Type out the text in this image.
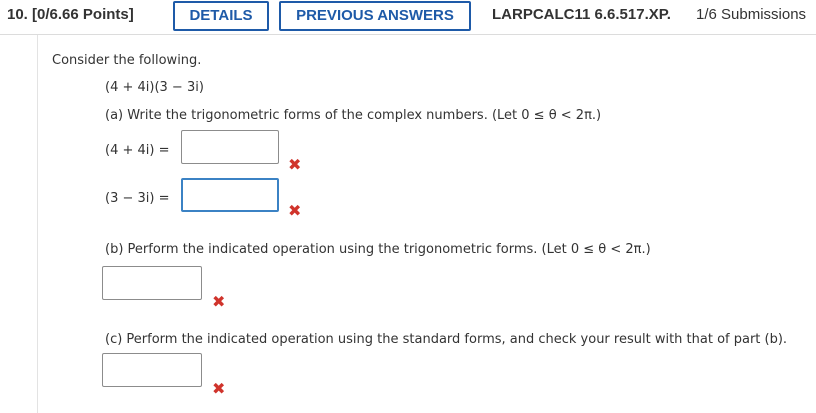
10. [0/6.66 Points]	DETAILS	PREVIOUS ANSWERS	LARPCALC11 6.6.517.XP. 1/6 Submissions
Consider the following.
(4 + 4i)(3 − 3i)
(a) Write the trigonometric forms of the complex numbers. (Let 0 ≤ θ < 2π.)
(4 + 4i) =
✖
(3 − 3i) =
✖
(b) Perform the indicated operation using the trigonometric forms. (Let 0 ≤ θ < 2π.)
✖
(c) Perform the indicated operation using the standard forms, and check your result with that of part (b).
✖
